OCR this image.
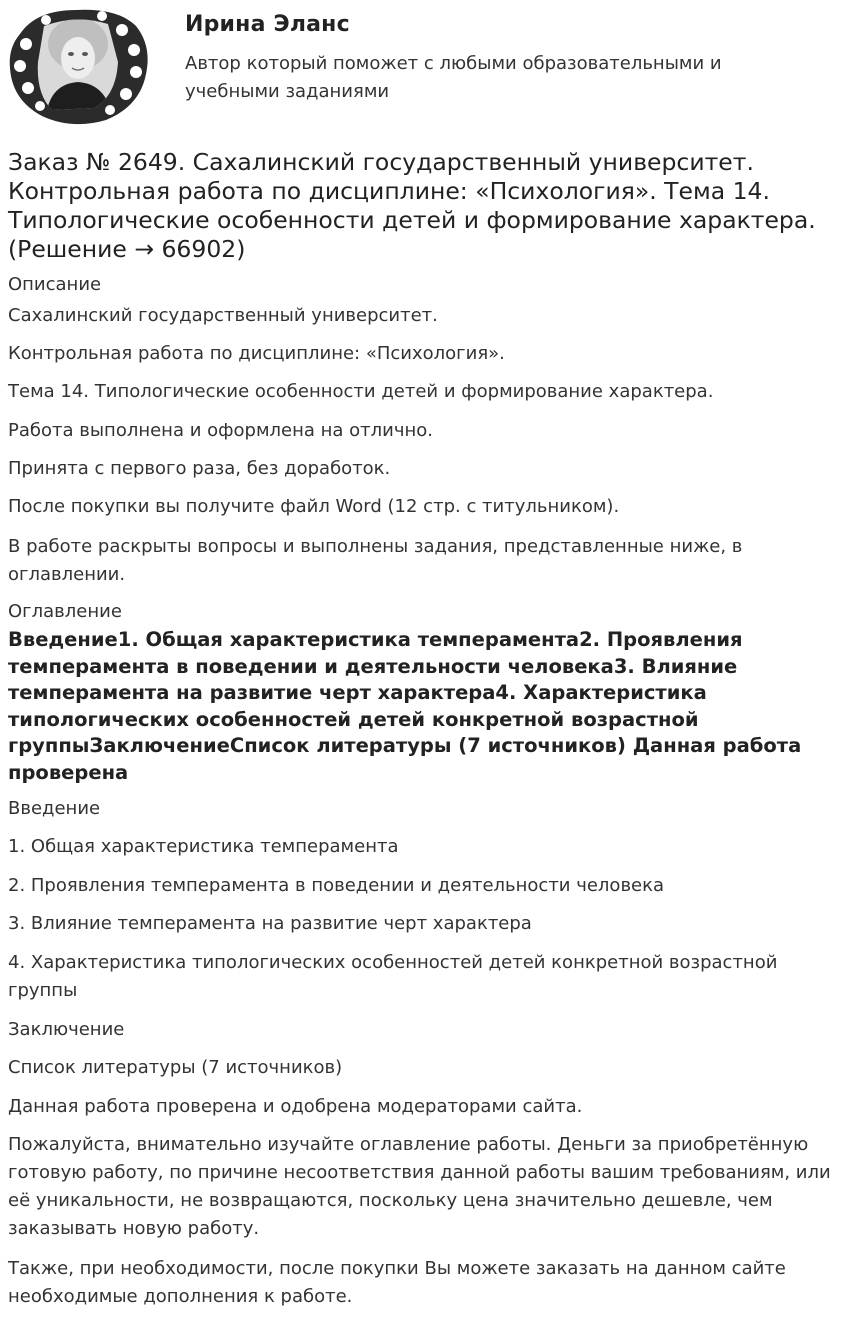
Ирина Эланс
Автор который поможет с любыми образовательными и учебными заданиями
Заказ № 2649. Сахалинский государственный университет. Контрольная работа по дисциплине: «Психология». Тема 14. Типологические особенности детей и формирование характера. (Решение → 66902)
Описание

Сахалинский государственный университет.

Контрольная работа по дисциплине: «Психология».

Тема 14. Типологические особенности детей и формирование характера.

Работа выполнена и оформлена на отлично.

Принята с первого раза, без доработок.

После покупки вы получите файл Word (12 стр. с титульником).

В работе раскрыты вопросы и выполнены задания, представленные ниже, в оглавлении.

Оглавление

Введение1. Общая характеристика темперамента2. Проявления темперамента в поведении и деятельности человека3. Влияние темперамента на развитие черт характера4. Характеристика типологических особенностей детей конкретной возрастной группыЗаключениеСписок литературы (7 источников) Данная работа проверена

Введение

1. Общая характеристика темперамента

2. Проявления темперамента в поведении и деятельности человека

3. Влияние темперамента на развитие черт характера

4. Характеристика типологических особенностей детей конкретной возрастной группы

Заключение

Список литературы (7 источников)

Данная работа проверена и одобрена модераторами сайта.

Пожалуйста, внимательно изучайте оглавление работы. Деньги за приобретённую готовую работу, по причине несоответствия данной работы вашим требованиям, или её уникальности, не возвращаются, поскольку цена значительно дешевле, чем заказывать новую работу.

Также, при необходимости, после покупки Вы можете заказать на данном сайте необходимые дополнения к работе.
